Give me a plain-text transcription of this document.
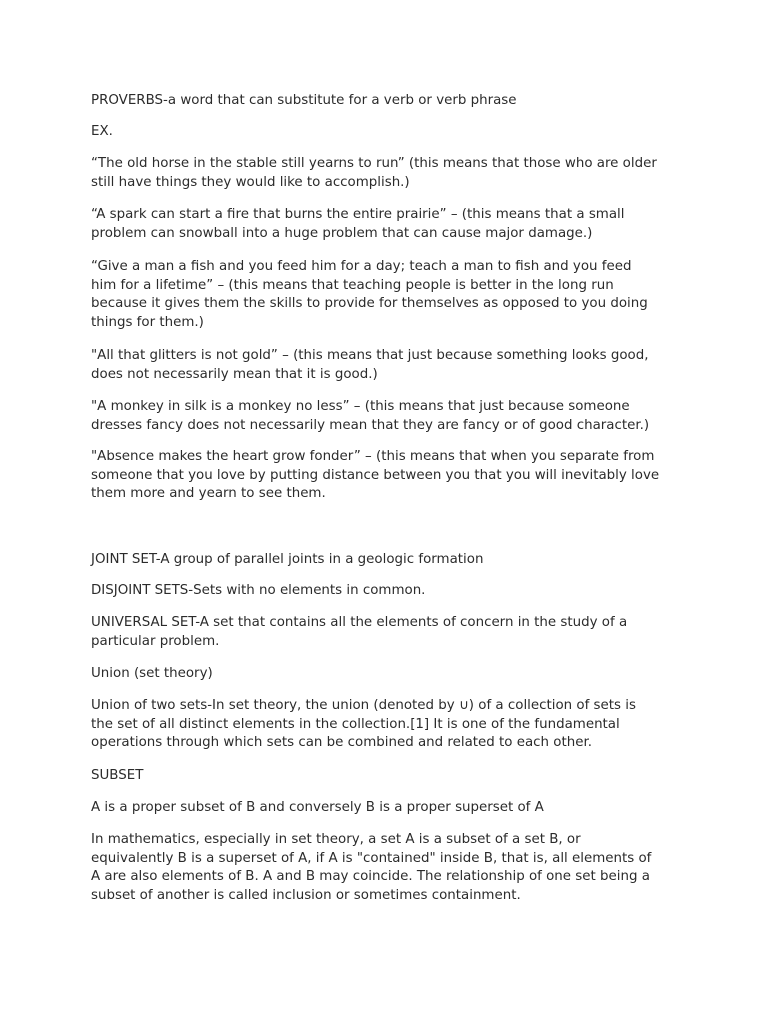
PROVERBS-a word that can substitute for a verb or verb phrase

EX.

“The old horse in the stable still yearns to run” (this means that those who are older
still have things they would like to accomplish.)

“A spark can start a fire that burns the entire prairie” – (this means that a small
problem can snowball into a huge problem that can cause major damage.)

“Give a man a fish and you feed him for a day; teach a man to fish and you feed
him for a lifetime” – (this means that teaching people is better in the long run
because it gives them the skills to provide for themselves as opposed to you doing
things for them.)

"All that glitters is not gold” – (this means that just because something looks good,
does not necessarily mean that it is good.)

"A monkey in silk is a monkey no less” – (this means that just because someone
dresses fancy does not necessarily mean that they are fancy or of good character.)

"Absence makes the heart grow fonder” – (this means that when you separate from
someone that you love by putting distance between you that you will inevitably love
them more and yearn to see them.

JOINT SET-A group of parallel joints in a geologic formation

DISJOINT SETS-Sets with no elements in common.

UNIVERSAL SET-A set that contains all the elements of concern in the study of a
particular problem.

Union (set theory)

Union of two sets-In set theory, the union (denoted by ∪) of a collection of sets is
the set of all distinct elements in the collection.[1] It is one of the fundamental
operations through which sets can be combined and related to each other.

SUBSET

A is a proper subset of B and conversely B is a proper superset of A

In mathematics, especially in set theory, a set A is a subset of a set B, or
equivalently B is a superset of A, if A is "contained" inside B, that is, all elements of
A are also elements of B. A and B may coincide. The relationship of one set being a
subset of another is called inclusion or sometimes containment.
